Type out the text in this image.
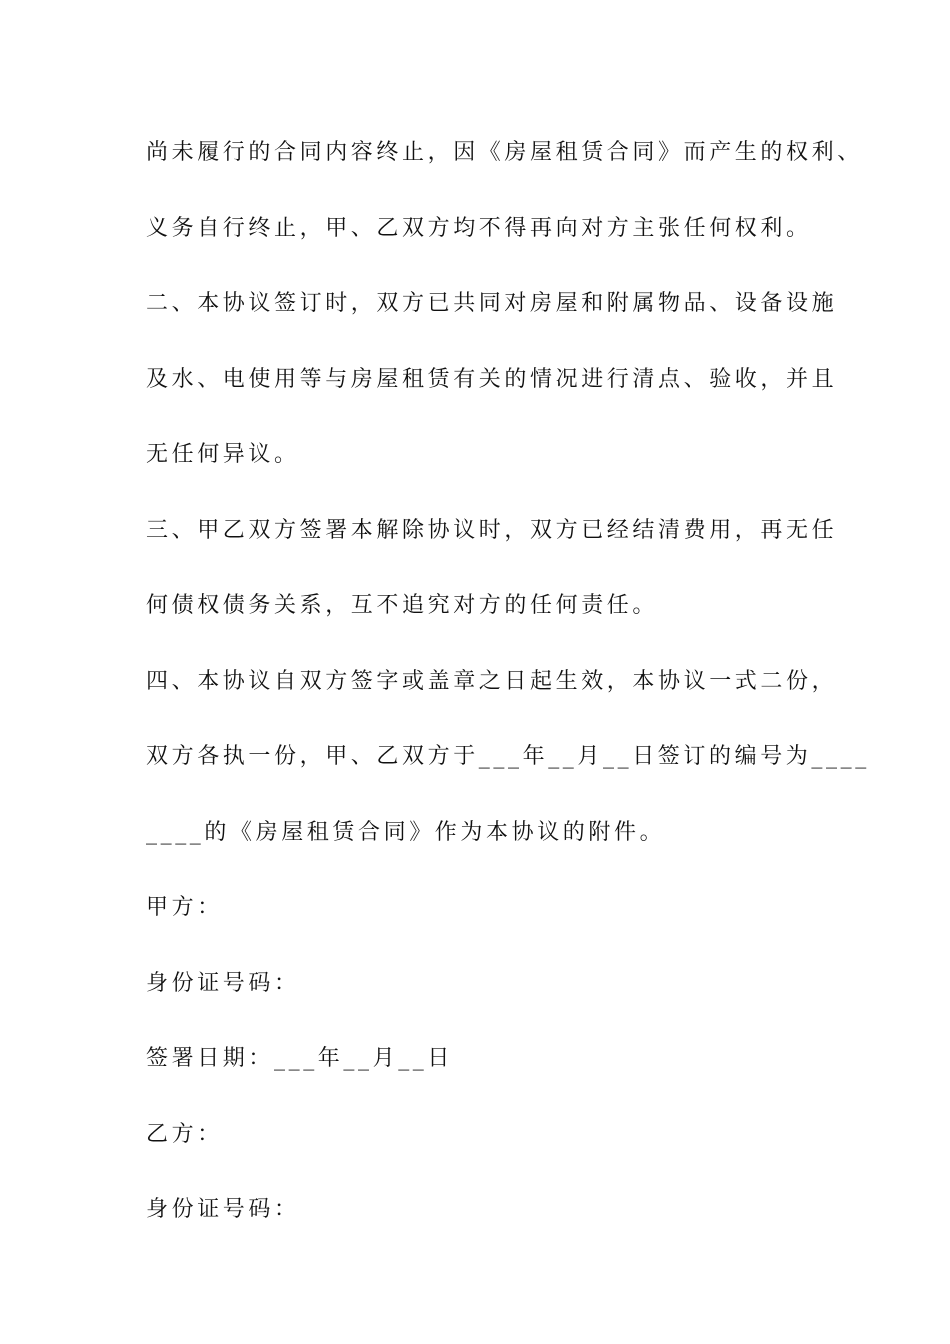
尚未履行的合同内容终止，因《房屋租赁合同》而产生的权利、
义务自行终止，甲、乙双方均不得再向对方主张任何权利。
二、本协议签订时，双方已共同对房屋和附属物品、设备设施
及水、电使用等与房屋租赁有关的情况进行清点、验收，并且
无任何异议。
三、甲乙双方签署本解除协议时，双方已经结清费用，再无任
何债权债务关系，互不追究对方的任何责任。
四、本协议自双方签字或盖章之日起生效，本协议一式二份，
双方各执一份，甲、乙双方于___年__月__日签订的编号为____
____的《房屋租赁合同》作为本协议的附件。
甲方：
身份证号码：
签署日期：___年__月__日
乙方：
身份证号码：
